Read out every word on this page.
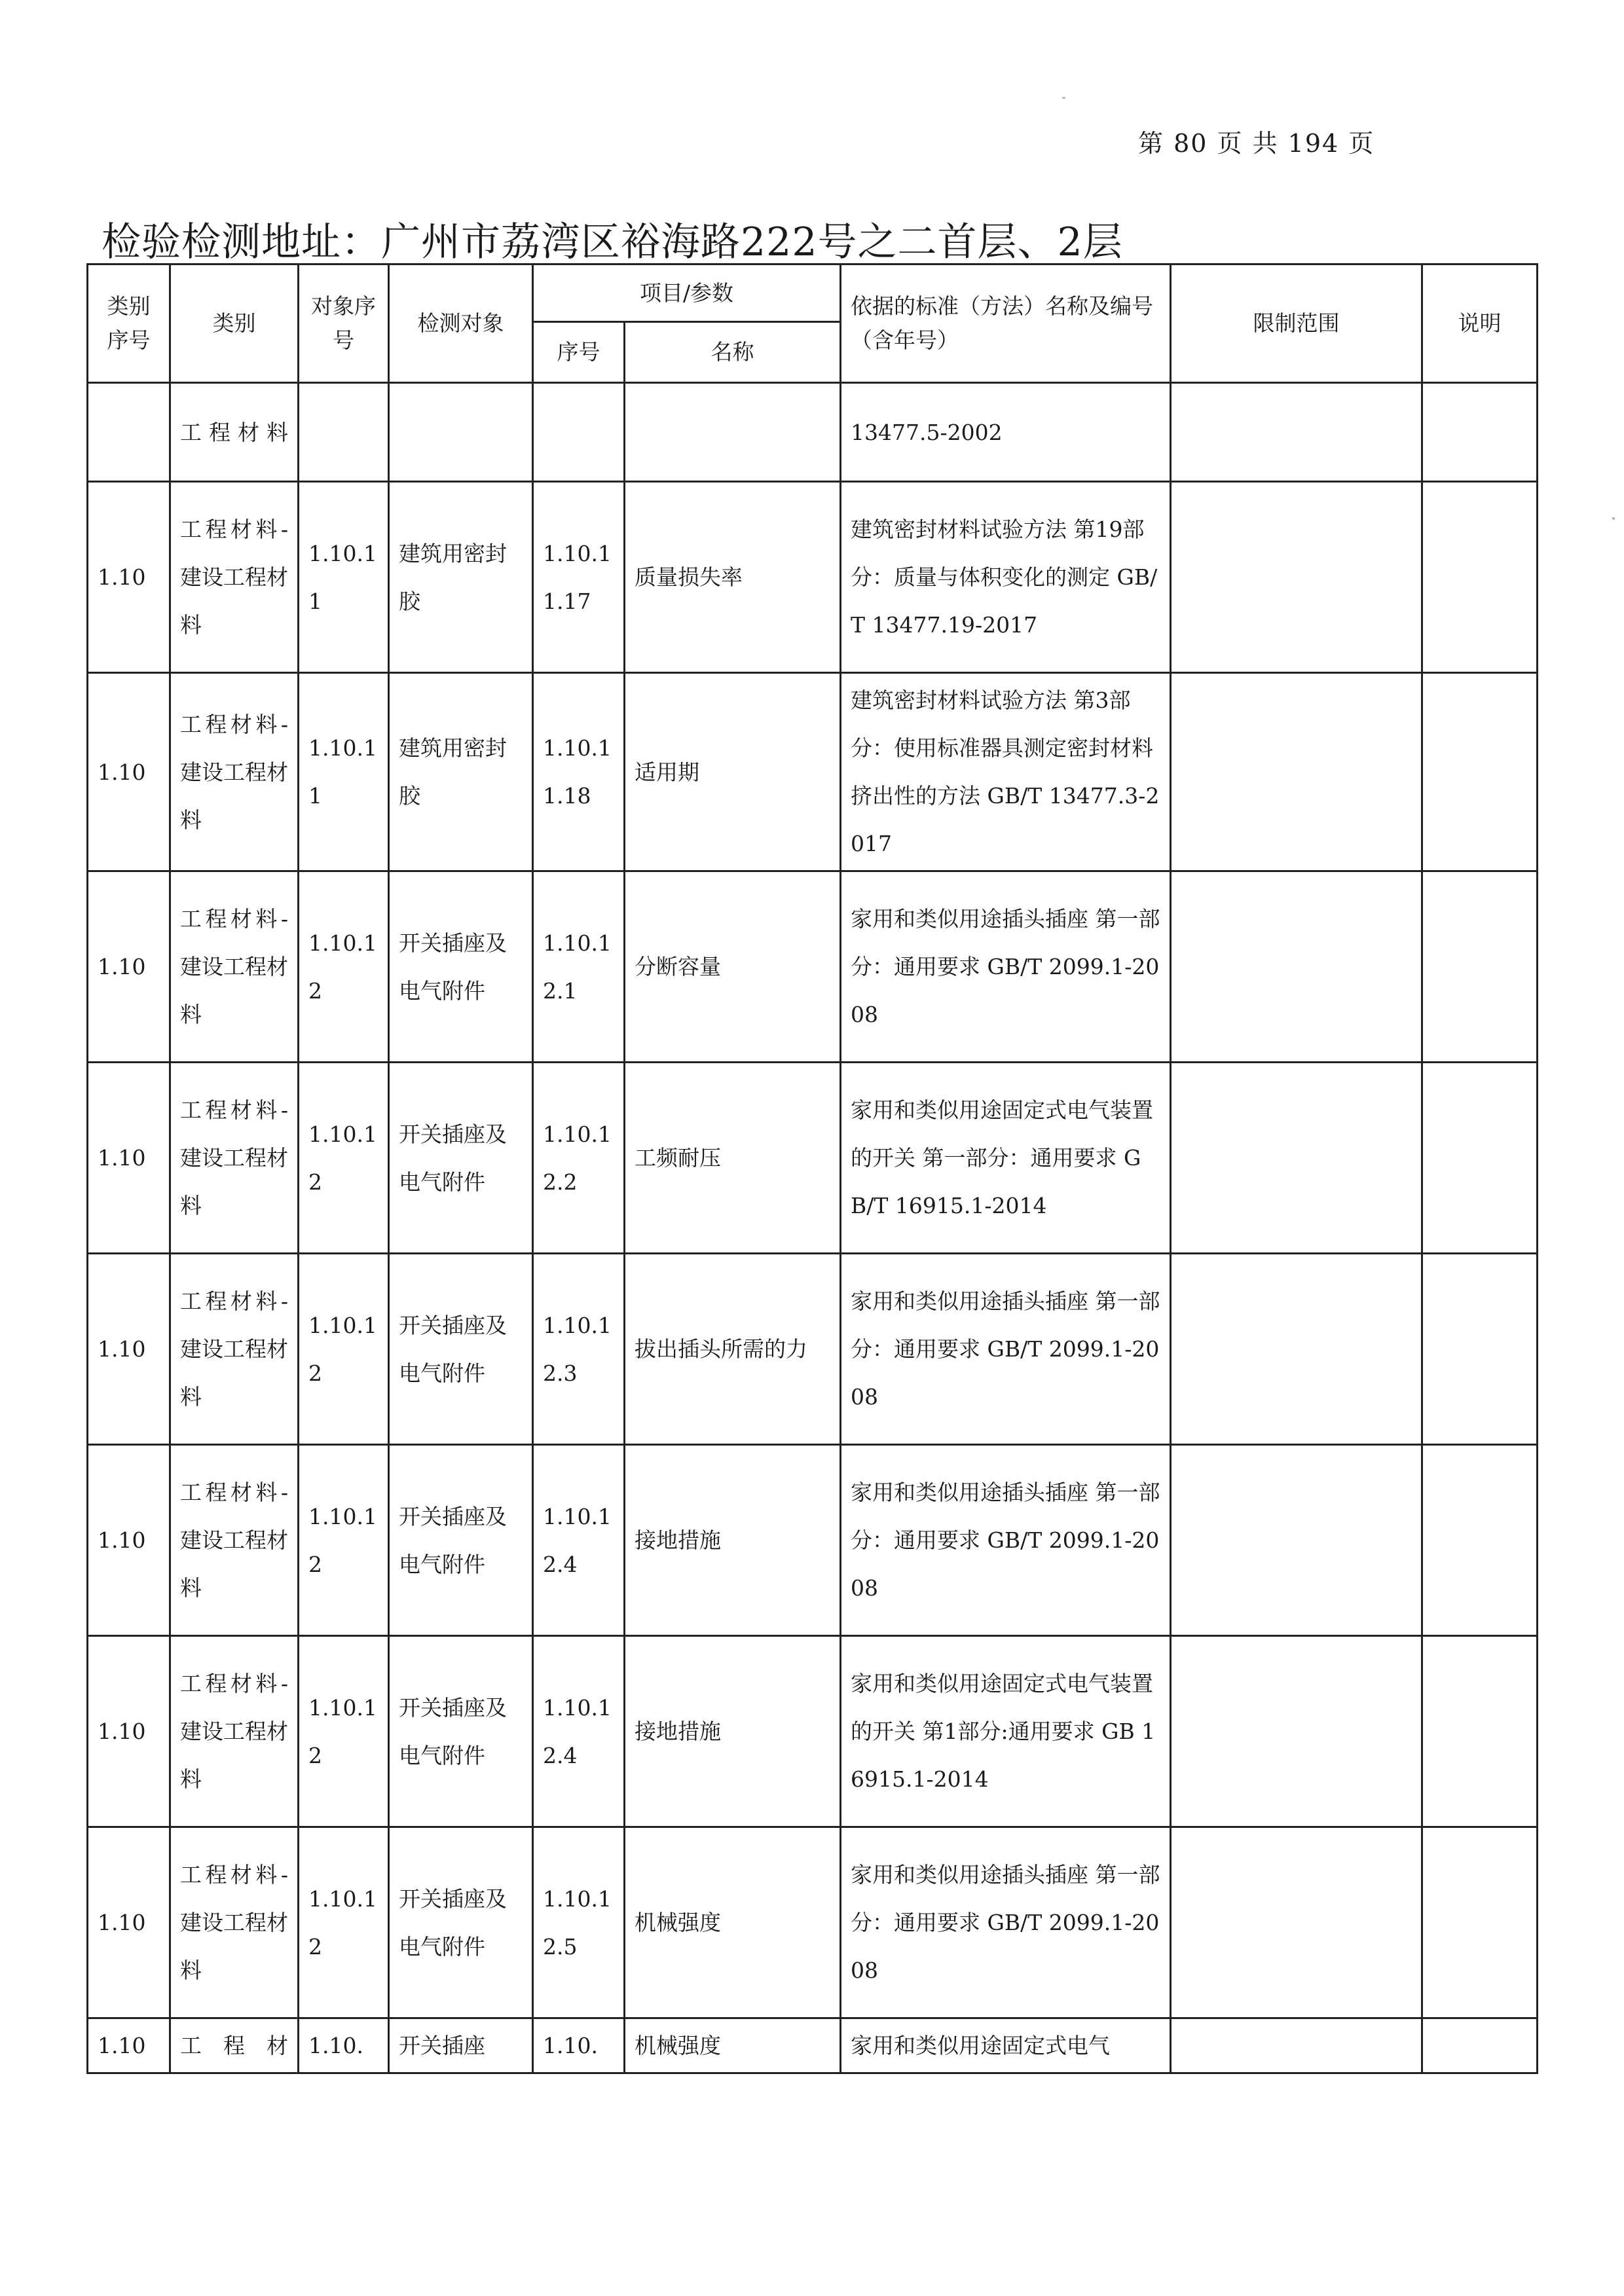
第 80 页 共 194 页
检验检测地址：广州市荔湾区裕海路222号之二首层、2层
类别序号	类别	对象序号	检测对象	项目/参数		依据的标准（方法）名称及编号（含年号）	限制范围	说明
				序号	名称			
	工程材料					13477.5-2002		
1.10	工程材料-建设工程材料	1.10.11	建筑用密封胶	1.10.11.17	质量损失率	建筑密封材料试验方法 第19部分：质量与体积变化的测定 GB/T 13477.19-2017		
1.10	工程材料-建设工程材料	1.10.11	建筑用密封胶	1.10.11.18	适用期	建筑密封材料试验方法 第3部分：使用标准器具测定密封材料挤出性的方法 GB/T 13477.3-2017		
1.10	工程材料-建设工程材料	1.10.12	开关插座及电气附件	1.10.12.1	分断容量	家用和类似用途插头插座 第一部分：通用要求 GB/T 2099.1-2008		
1.10	工程材料-建设工程材料	1.10.12	开关插座及电气附件	1.10.12.2	工频耐压	家用和类似用途固定式电气装置的开关 第一部分：通用要求 GB/T 16915.1-2014		
1.10	工程材料-建设工程材料	1.10.12	开关插座及电气附件	1.10.12.3	拔出插头所需的力	家用和类似用途插头插座 第一部分：通用要求 GB/T 2099.1-2008		
1.10	工程材料-建设工程材料	1.10.12	开关插座及电气附件	1.10.12.4	接地措施	家用和类似用途插头插座 第一部分：通用要求 GB/T 2099.1-2008		
1.10	工程材料-建设工程材料	1.10.12	开关插座及电气附件	1.10.12.4	接地措施	家用和类似用途固定式电气装置的开关 第1部分:通用要求 GB 16915.1-2014		
1.10	工程材料-建设工程材料	1.10.12	开关插座及电气附件	1.10.12.5	机械强度	家用和类似用途插头插座 第一部分：通用要求 GB/T 2099.1-2008		
1.10	工程材	1.10.	开关插座	1.10.	机械强度	家用和类似用途固定式电气		
